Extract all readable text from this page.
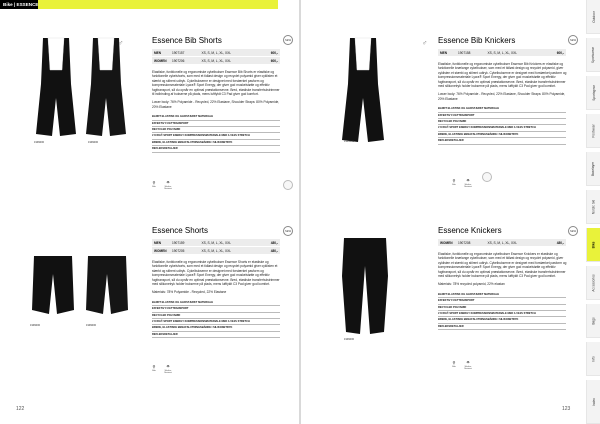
Bike | ESSENCE
1999000	1999000
♂	Essence Bib Shorts
MEN	1907157	XS, S, M, L, XL, XXL	600,-
WOMEN	1907206	XS, S, M, L, XL, XXL	600,-
Elastiske, funktionelle og ergonomiske cykelbukser Essence Bib Shorts er elastiske og funktionelle cykelshorts, som med et tidløst design og recyclet polyamid giver cyklisten et stærkt og stilrent udtryk. Cykelbukserne er designet med forstærket pasform og kompressionsmateriale Lycra® Sport Energy, der giver god muskelstøtte og effektiv fugttransport, så du opnår en optimal præstationsevne. Bred, elastiske transferhulstrimmer til indbinding af bukserne på plads, mens luftfyldt C3 Pad giver god komfort.
Lower body: 76% Polyamide - Recycled, 22% Elastane, Shoulder Straps: 80% Polyamide, 20% Elastane
BLØDT ELASTISK OG GLIDSTÆRKT MATERIALE
EFFEKTIV FUGTTRANSPORT
RECYCLED POLYAMID
LYCRA® SPORT ENERGY KOMPRESSIONSMATERIALE MED 4-VEJS STRETCH
BREDE, ELASTISKE BENAFSLUTNINGSBÅNDE I SILIKONETRYK
REFLEKSDETALJER
NEW
⚲
Bike
☂
Weather Resistant
1999000
♂ Essence Bib Knickers
MEN	1907158	XS, S, M, L, XL, XXL	600,-
Elastiske, funktionelle og ergonomiske cykelbukser Essence Bib Knickers er elastiske og funktionelle knælange cykelbukser, som med et tidløst design og recyclet polyamid, giver cyklisten et stærkt og stilrent udtryk. Cykelbukserne er designet med forstærket pasform og kompressionsmateriale Lycra® Sport Energy, der giver god muskelstøtte og effektiv fugttransport, så du opnår en optimal præstationsevne. Bred, elastiske transferhulstrimmer med silikonetryk holder bukserne på plads, mens luftfyldt C3 Pad giver god komfort.
Lower body: 76% Polyamide - Recycled, 22% Elastane, Shoulder Straps: 80% Polyamide, 20% Elastane
BLØDT ELASTISK OG GLIDSTÆRKT MATERIALE
EFFEKTIV FUGTTRANSPORT
RECYCLED POLYAMID
LYCRA® SPORT ENERGY KOMPRESSIONSMATERIALE MED 4-VEJS STRETCH
BREDE, ELASTISKE BENAFSLUTNINGSBÅNDE I SILIKONETRYK
REFLEKSDETALJER
NEW
⚲
Bike
☂
Weather Resistant
1999000	1999000
Essence Shorts
MEN	1907159	XS, S, M, L, XL, XXL	480,-
WOMEN	1907205	XS, S, M, L, XL, XXL	480,-
Elastiske, funktionelle og ergonomiske cykelbukser Essence Shorts er elastiske og funktionelle cykelshorts, som med et tidløst design og recyclet polyamid giver cyklisten et stærkt og stilrent udtryk. Cykelbukserne er designet med forstærket pasform og kompressionsmateriale Lycra® Sport Energy, der giver god muskelstøtte og effektiv fugttransport, så du opnår en optimal præstationsevne. Bred, elastiske transferhulstrimmer med silikonetryk holder bukserne på plads, mens luftfyldt C3 Pad giver god komfort.
Materials: 78% Polyamide - Recycled, 22% Elastane
BLØDT ELASTISK OG GLIDSTÆRKT MATERIALE
EFFEKTIV FUGTTRANSPORT
RECYCLED POLYAMID
LYCRA® SPORT ENERGY KOMPRESSIONSMATERIALE MED 4-VEJS STRETCH
BREDE, ELASTISKE BENAFSLUTNINGSBÅNDE I SILIKONETRYK
REFLEKSDETALJER
NEW
⚲
Bike
☂
Weather Resistant
1999000
Essence Knickers
WOMEN	1907208	XS, S, M, L, XL, XXL	480,-
Elastiske, funktionelle og ergonomiske cykelbukser Essence Knickers er elastiske og funktionelle knælange cykelbukser, som med et tidløst design og recyclet polyamid, giver cyklisten et stærkt og stilrent udtryk. Cykelbukserne er designet med forstærket pasform og kompressionsmateriale Lycra® Sport Energy, der giver god muskelstøtte og effektiv fugttransport, så du opnår en optimal præstationsevne. Bred, elastiske transferhulstrimmer med silikonetryk holder bukserne på plads, mens luftfyldt C3 Pad giver god komfort.
Materials: 78% recycled polyamid, 22% elastan
BLØDT ELASTISK OG GLIDSTÆRKT MATERIALE
EFFEKTIV FUGTTRANSPORT
RECYCLED POLYAMID
LYCRA® SPORT ENERGY KOMPRESSIONSMATERIALE MED 4-VEJS STRETCH
BREDE, ELASTISKE BENAFSLUTNINGSBÅNDE I SILIKONETRYK
REFLEKSDETALJER
NEW
⚲
Bike
☂
Weather Resistant
122	123
Outdoor
Sportswear
Sportsgear
Footwear
Baselayer
Nordic Ski
Bike
Accessories
Bags
Info
Index
